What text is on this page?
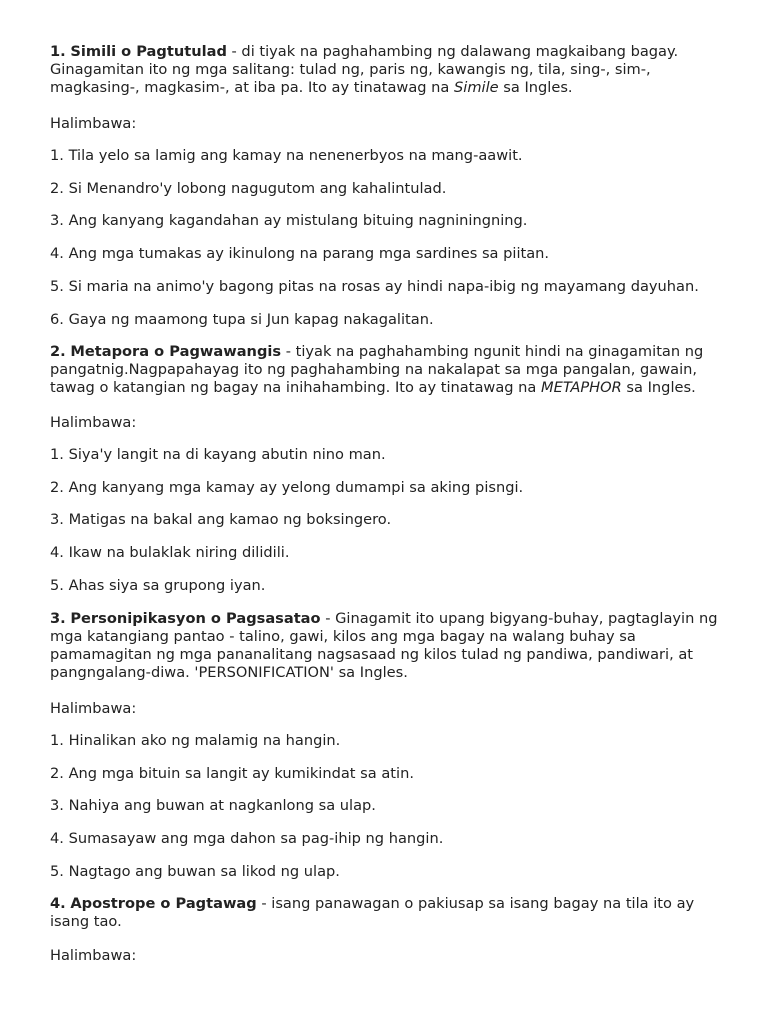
1. Simili o Pagtutulad - di tiyak na paghahambing ng dalawang magkaibang bagay. Ginagamitan ito ng mga salitang: tulad ng, paris ng, kawangis ng, tila, sing-, sim-, magkasing-, magkasim-, at iba pa. Ito ay tinatawag na Simile sa Ingles.

Halimbawa:
1. Tila yelo sa lamig ang kamay na nenenerbyos na mang-aawit.
2. Si Menandro'y lobong nagugutom ang kahalintulad.
3. Ang kanyang kagandahan ay mistulang bituing nagniningning.
4. Ang mga tumakas ay ikinulong na parang mga sardines sa piitan.
5. Si maria na animo'y bagong pitas na rosas ay hindi napa-ibig ng mayamang dayuhan.
6. Gaya ng maamong tupa si Jun kapag nakagalitan.

2. Metapora o Pagwawangis - tiyak na paghahambing ngunit hindi na ginagamitan ng pangatnig.Nagpapahayag ito ng paghahambing na nakalapat sa mga pangalan, gawain, tawag o katangian ng bagay na inihahambing. Ito ay tinatawag na METAPHOR sa Ingles.

Halimbawa:
1. Siya'y langit na di kayang abutin nino man.
2. Ang kanyang mga kamay ay yelong dumampi sa aking pisngi.
3. Matigas na bakal ang kamao ng boksingero.
4. Ikaw na bulaklak niring dilidili.
5. Ahas siya sa grupong iyan.

3. Personipikasyon o Pagsasatao - Ginagamit ito upang bigyang-buhay, pagtaglayin ng mga katangiang pantao - talino, gawi, kilos ang mga bagay na walang buhay sa pamamagitan ng mga pananalitang nagsasaad ng kilos tulad ng pandiwa, pandiwari, at pangngalang-diwa. 'PERSONIFICATION' sa Ingles.

Halimbawa:
1. Hinalikan ako ng malamig na hangin.
2. Ang mga bituin sa langit ay kumikindat sa atin.
3. Nahiya ang buwan at nagkanlong sa ulap.
4. Sumasayaw ang mga dahon sa pag-ihip ng hangin.
5. Nagtago ang buwan sa likod ng ulap.

4. Apostrope o Pagtawag - isang panawagan o pakiusap sa isang bagay na tila ito ay isang tao.

Halimbawa:
